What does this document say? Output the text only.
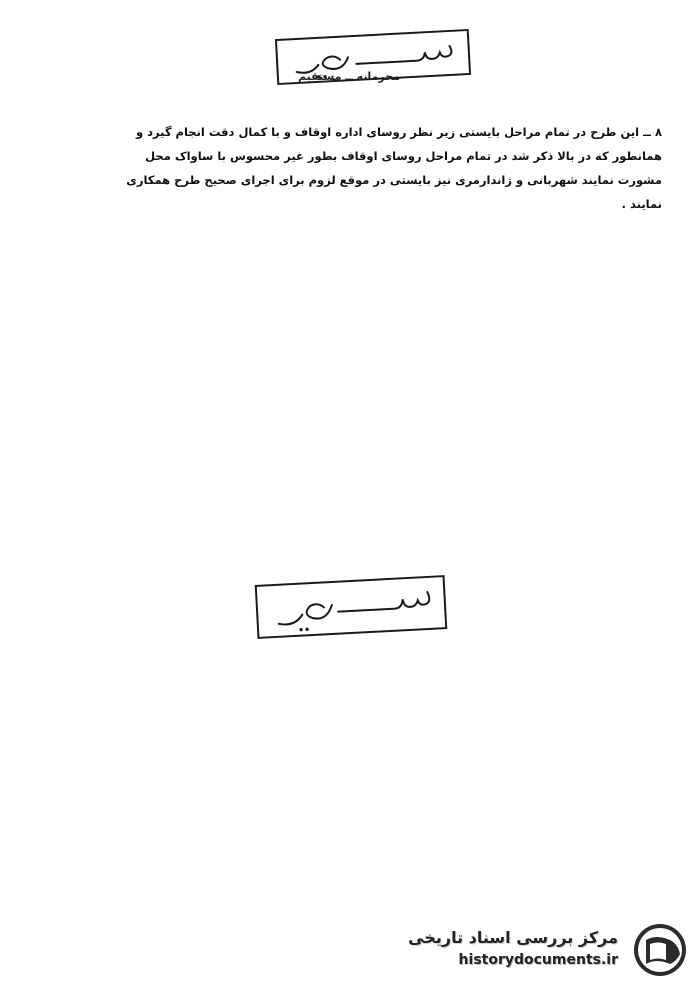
محرمانه ــ مستقیم
۸ ــ این طرح در تمام مراحل بایستی زیر نظر روسای اداره اوقاف و با کمال دقت انجام گیرد و
همانطور که در بالا ذکر شد در تمام مراحل روسای اوقاف بطور غیر محسوس با ساواک محل
مشورت نمایند شهربانی و ژاندارمری نیز بایستی در موقع لزوم برای اجرای صحیح طرح همکاری
نمایند .
مرکز بررسی اسناد تاریخی
historydocuments.ir
